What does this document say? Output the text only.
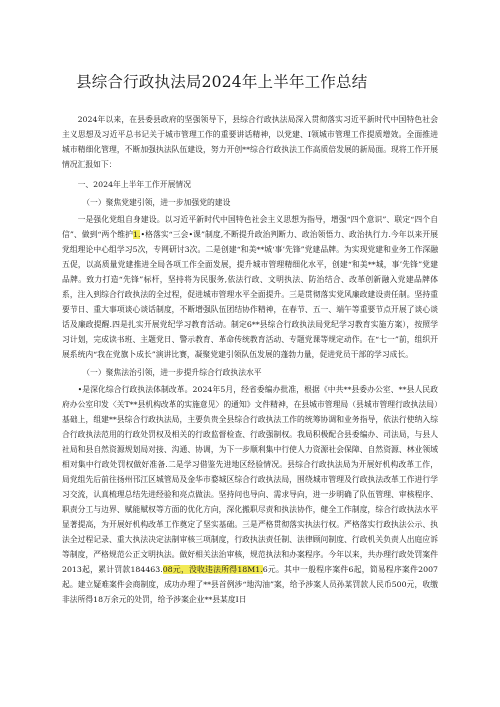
县综合行政执法局2024年上半年工作总结

2024年以来，在县委县政府的坚强领导下，县综合行政执法局深入贯彻落实习近平新时代中国特色社会主义思想及习近平总书记关于城市管理工作的重要讲话精神，以党建、Ⅰ领城市管理工作提质增效。全面推进城市精细化管理，不断加强执法队伍建设，努力开创**综合行政执法工作高质倍发展的新局面。现将工作开展情况汇报如下：

一、2024年上半年工作开展情况
（一）聚焦党建引领，进一步加强党的建设

一是强化党组自身建设。以习近平新时代中国特色社会主义思想为指导，增强“四个意识”、联定“四个自信”、做到“两个维护1.•格落实“三会•课”制度,不断提升政治判断力、政治领悟力、政治执行力.今年以来开展党组理论中心组学习5次，专网研讨3次。二是创建“和美**城‘事’先锋”党建品牌。为实现党建和业务工作深融五促，以高质量党建推进全局各项工作全面发展，提升城市管理精细化水平，创建“和美**城，事’先锋”党建品牌。致力打造“先锋”标杆，坚持将为民服务,依法行政、文明执法、防治结合、改革创新融入党建品牌体系，注入到综合行政执法的全过程，促进城市管理水平全面提升。三是贯彻落实党风廉政建设责任制。坚持重要节日、重大事项谈心谈话制度，不断增强队伍团结协作精神，在春节、五一、端午等重要节点开展了谈心谈话及廉政提醒.四是扎实开展党纪学习教育活动。制定6**县综合行政执法局党纪学习教育实施方案），按照学习计划，完成读书班、主题党日、警示教育、革命传统教育活动、专题党课等规定动作。在“七一”前，组织开展系统内“我在党旗卜成长”演讲比赛，凝聚党建引领队伍发展的蓬勃力量，促进党员干部的学习成长。

（一）聚焦法治引领，进一步提升综合行政执法水平

•是深化综合行政执法体制改革。2024年5月，经省委编办批准，根据《中共**县委办公室、**县人民政府办公室印发〈关T**县机构改革的实施意见〉的通知》文件精神，在县城市管理局（县城市管理行政执法局）基础上，组建**县综合行政执法局，主要负贵全县综合行政执法工作的统筹协调和业务指导，依法行使纳入综合行政执法范用的行政处罚权及相关的行政监督检查、行政强制权。我局积极配合县委编办、司法局，与县人社局和县自然资源规划局对接、沟通、协调，为下一步顺利集中行使人力资源社会保障、自然资源、林业领域相对集中行政处罚权做好准备.二是学习借鉴先进地区经验情况。县综合行政执法局为开展好机构改革工作，局党组先后前往扬州邗江区城管局及金华市婺城区综合行政执法局，围绕城市管理及行政执法改革工作进行学习交流，认真梳理总结先进经验和亮点做法。坚持问也导向、需求导向，进一步明确了队伍管理、审核程序、职责分工与边界、赋能赋权等方面的优化方向，深化搬职尽责和执法协作，健全工作制度，综合行政执法水平显著提高，为开展好机构改革工作奠定了坚实基础。三是严格贯彻落实执法行权。严格落实行政执法公示、执法全过程记录、重大执法决定法制审核三项制度，行政执法责任制、法律顾问制度、行政机关负责人出庭应诉等制度，严格规范公正文明执法。做好相关法治审核，规范执法和办案程序。今年以来，共办理行政处罚案件2013起，累计罚款184463.08元，没收违法所得18M1.6元。其中一般程序案件6起，简易程序案件2007起。建立疑难案件会商制度，成功办理了**县首例涉“地沟油”案，给予涉案人员孙某罚款人民币500元，收缴非法所得18万余元的处罚，给予涉案企业**县某度I日
